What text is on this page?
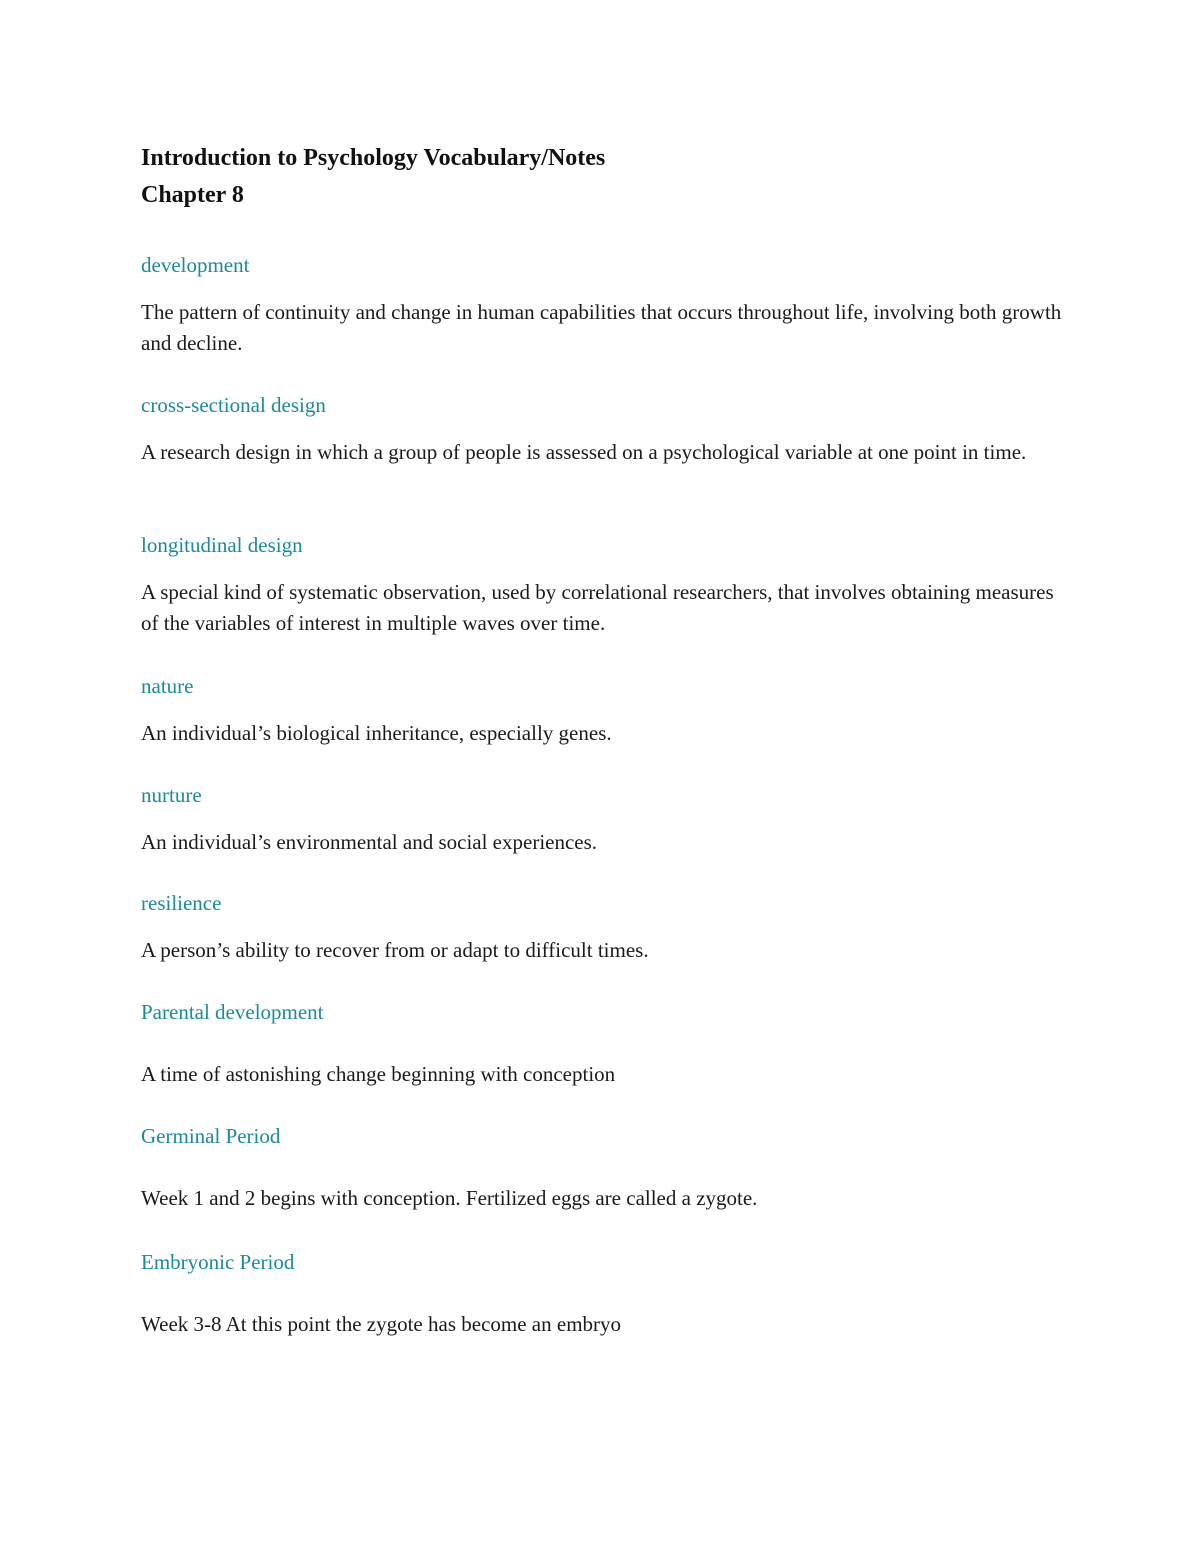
Introduction to Psychology Vocabulary/Notes
Chapter 8
development
The pattern of continuity and change in human capabilities that occurs throughout life, involving both growth and decline.
cross-sectional design
A research design in which a group of people is assessed on a psychological variable at one point in time.
longitudinal design
A special kind of systematic observation, used by correlational researchers, that involves obtaining measures of the variables of interest in multiple waves over time.
nature
An individual’s biological inheritance, especially genes.
nurture
An individual’s environmental and social experiences.
resilience
A person’s ability to recover from or adapt to difficult times.
Parental development
A time of astonishing change beginning with conception
Germinal Period
Week 1 and 2 begins with conception. Fertilized eggs are called a zygote.
Embryonic Period
Week 3-8 At this point the zygote has become an embryo
